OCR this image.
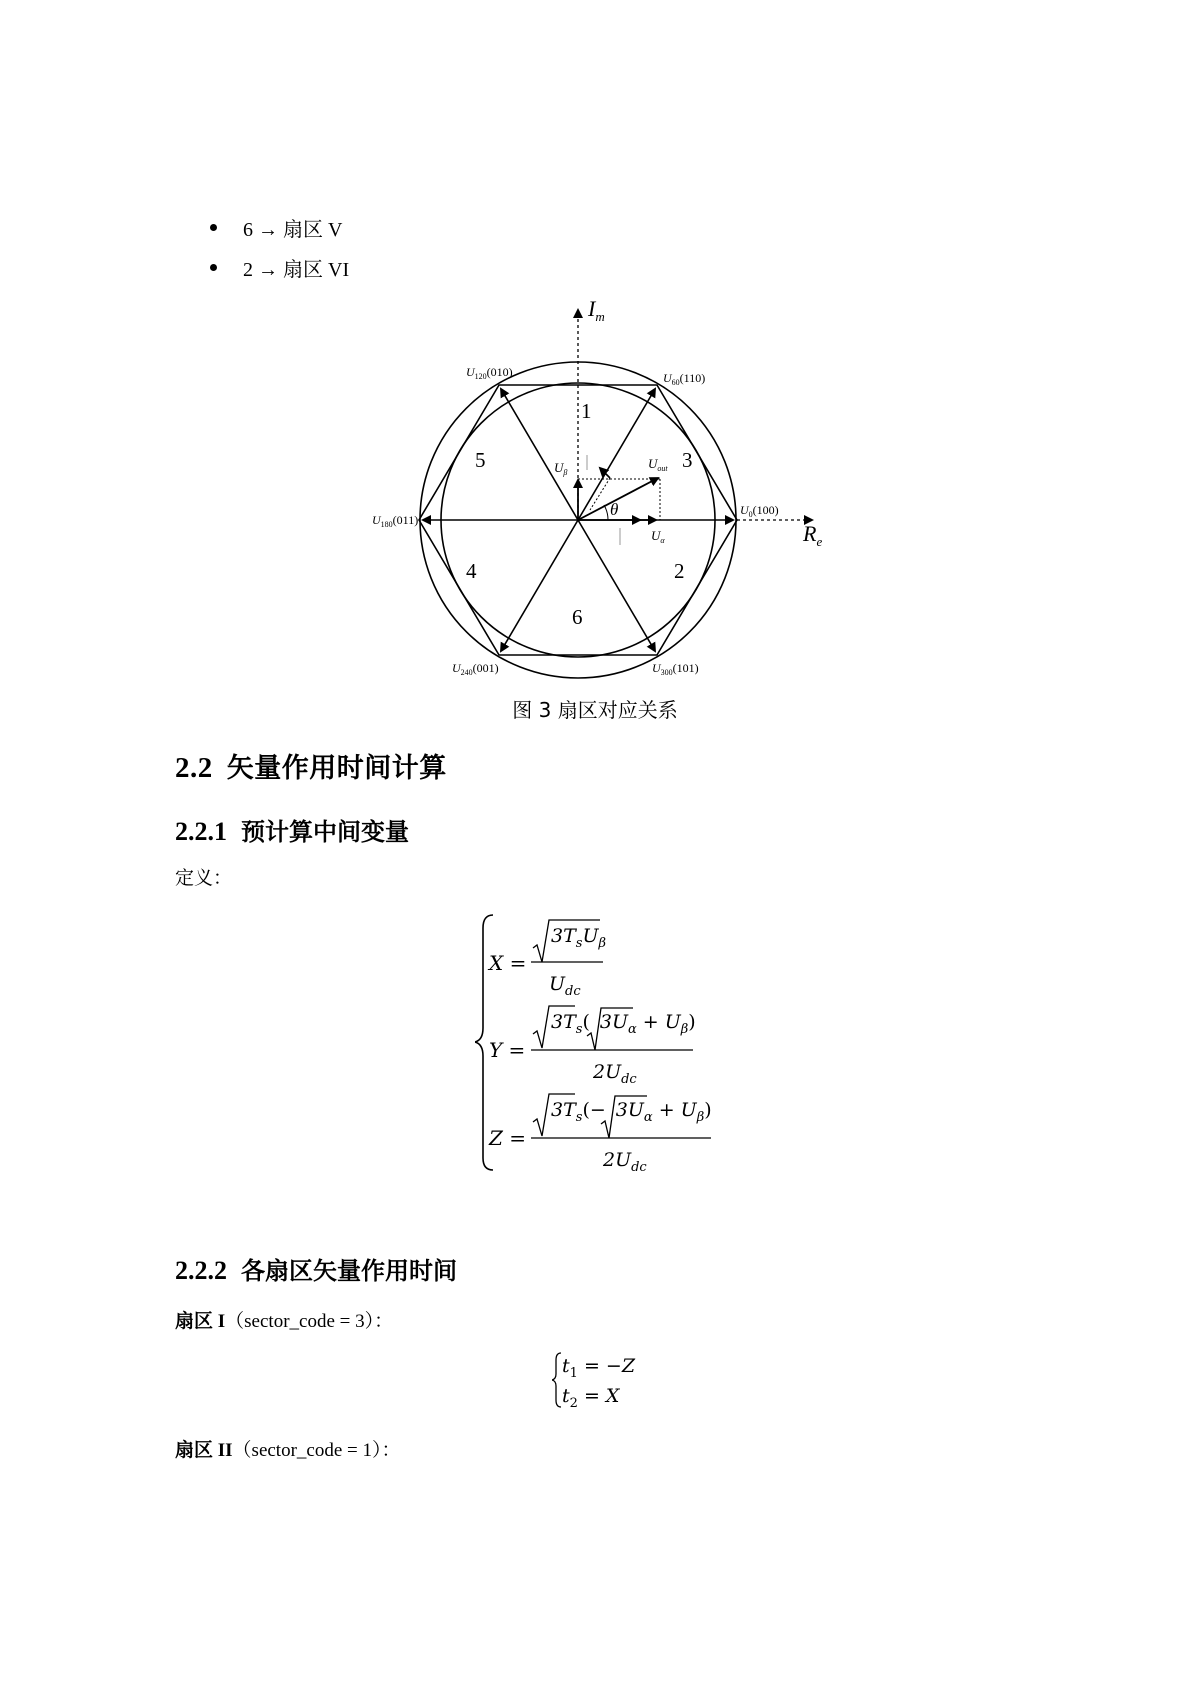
6 → 扇区 V
2 → 扇区 VI
$I_m$
$R_e$
$U_0(100)$
$U_{60}(110)$
$U_{120}(010)$
$U_{180}(011)$
$U_{240}(001)$	$U_{300}(101)$
1
2
3
4
5
6
$U_{out}$
$U_\beta$
$U_\alpha$
θ
图 3 扇区对应关系
2.2 矢量作用时间计算
2.2.1 预计算中间变量
定义：
X =
$3T_sU_\beta$
$U_{dc}$
Y =
$3T_s$( $3U_\alpha + U_\beta$)
$2U_{dc}$
Z =
$3T_s(- 3U_\alpha + U_\beta)$
$2U_{dc}$
2.2.2 各扇区矢量作用时间
扇区 I（sector_code = 3）：
$t_1 = -Z$
$t_2 = X$
扇区 II（sector_code = 1）：
